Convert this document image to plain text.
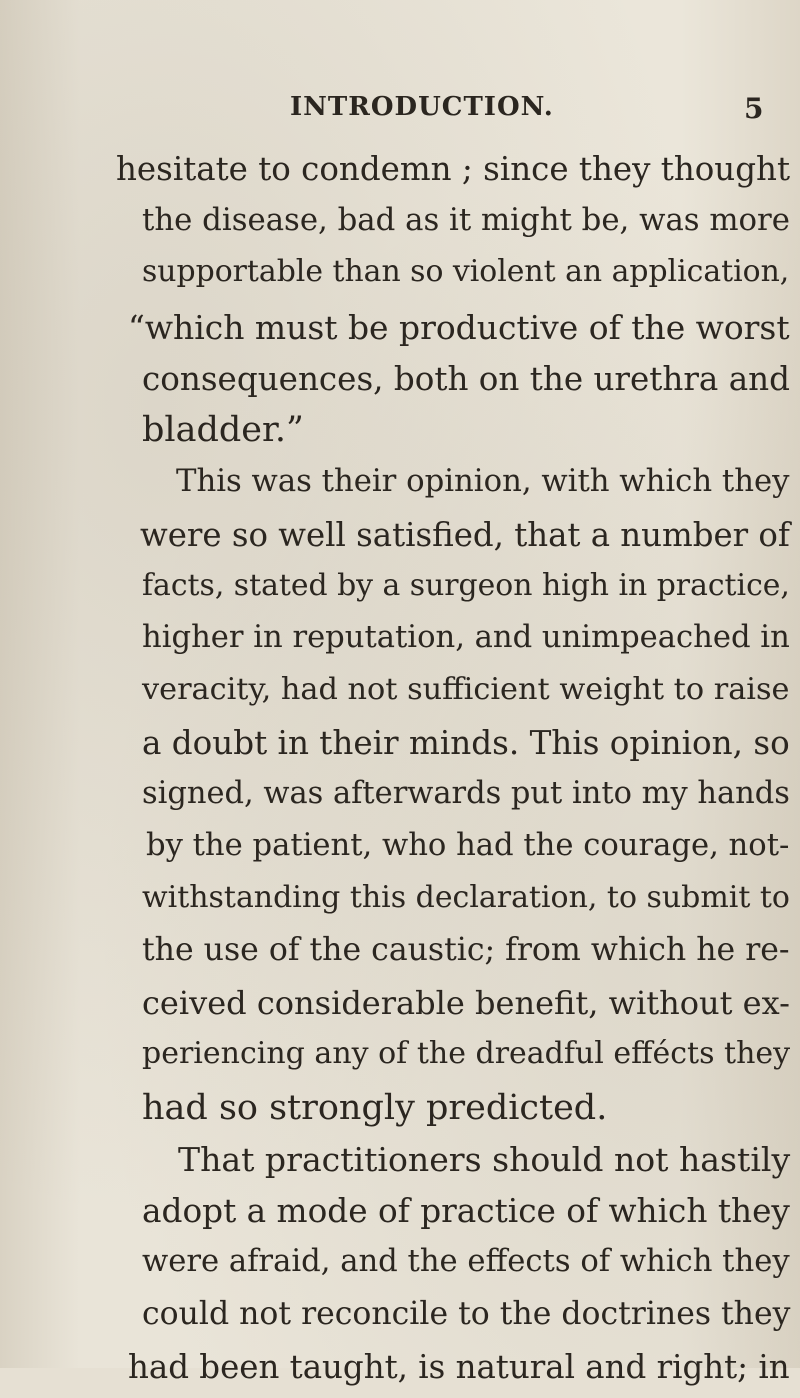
INTRODUCTION.	5
hesitate to condemn ; since they thought
the disease, bad as it might be, was more
supportable than so violent an application,
“which must be productive of the worst
consequences, both on the urethra and
bladder.”
This was their opinion, with which they
were so well satisfied, that a number of
facts, stated by a surgeon high in practice,
higher in reputation, and unimpeached in
veracity, had not sufficient weight to raise
a doubt in their minds. This opinion, so
signed, was afterwards put into my hands
by the patient, who had the courage, not-
withstanding this declaration, to submit to
the use of the caustic; from which he re-
ceived considerable benefit, without ex-
periencing any of the dreadful effécts they
had so strongly predicted.
That practitioners should not hastily
adopt a mode of practice of which they
were afraid, and the effects of which they
could not reconcile to the doctrines they
had been taught, is natural and right; in
